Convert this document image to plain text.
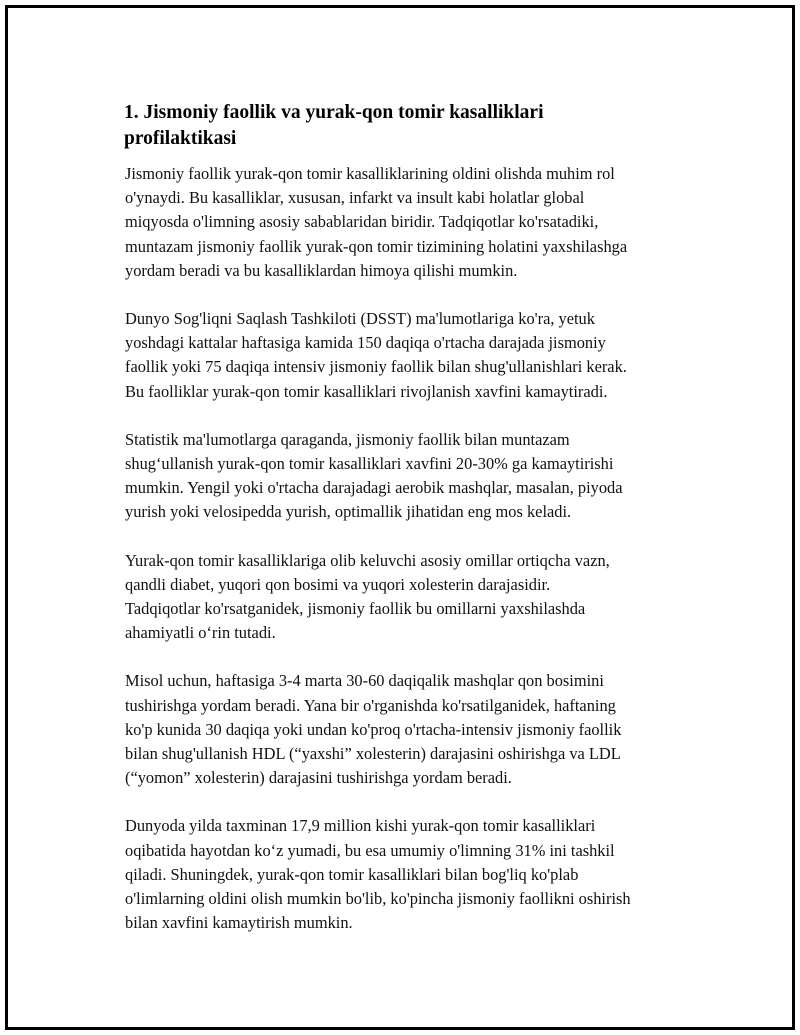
1. Jismoniy faollik va yurak-qon tomir kasalliklari
profilaktikasi

Jismoniy faollik yurak-qon tomir kasalliklarining oldini olishda muhim rol
o'ynaydi. Bu kasalliklar, xususan, infarkt va insult kabi holatlar global
miqyosda o'limning asosiy sabablaridan biridir. Tadqiqotlar ko'rsatadiki,
muntazam jismoniy faollik yurak-qon tomir tizimining holatini yaxshilashga
yordam beradi va bu kasalliklardan himoya qilishi mumkin.

Dunyo Sog'liqni Saqlash Tashkiloti (DSST) ma'lumotlariga ko'ra, yetuk
yoshdagi kattalar haftasiga kamida 150 daqiqa o'rtacha darajada jismoniy
faollik yoki 75 daqiqa intensiv jismoniy faollik bilan shug'ullanishlari kerak.
Bu faolliklar yurak-qon tomir kasalliklari rivojlanish xavfini kamaytiradi.

Statistik ma'lumotlarga qaraganda, jismoniy faollik bilan muntazam
shug‘ullanish yurak-qon tomir kasalliklari xavfini 20-30% ga kamaytirishi
mumkin. Yengil yoki o'rtacha darajadagi aerobik mashqlar, masalan, piyoda
yurish yoki velosipedda yurish, optimallik jihatidan eng mos keladi.

Yurak-qon tomir kasalliklariga olib keluvchi asosiy omillar ortiqcha vazn,
qandli diabet, yuqori qon bosimi va yuqori xolesterin darajasidir.
Tadqiqotlar ko'rsatganidek, jismoniy faollik bu omillarni yaxshilashda
ahamiyatli o‘rin tutadi.

Misol uchun, haftasiga 3-4 marta 30-60 daqiqalik mashqlar qon bosimini
tushirishga yordam beradi. Yana bir o'rganishda ko'rsatilganidek, haftaning
ko'p kunida 30 daqiqa yoki undan ko'proq o'rtacha-intensiv jismoniy faollik
bilan shug'ullanish HDL (“yaxshi” xolesterin) darajasini oshirishga va LDL
(“yomon” xolesterin) darajasini tushirishga yordam beradi.

Dunyoda yilda taxminan 17,9 million kishi yurak-qon tomir kasalliklari
oqibatida hayotdan ko‘z yumadi, bu esa umumiy o'limning 31% ini tashkil
qiladi. Shuningdek, yurak-qon tomir kasalliklari bilan bog'liq ko'plab
o'limlarning oldini olish mumkin bo'lib, ko'pincha jismoniy faollikni oshirish
bilan xavfini kamaytirish mumkin.
